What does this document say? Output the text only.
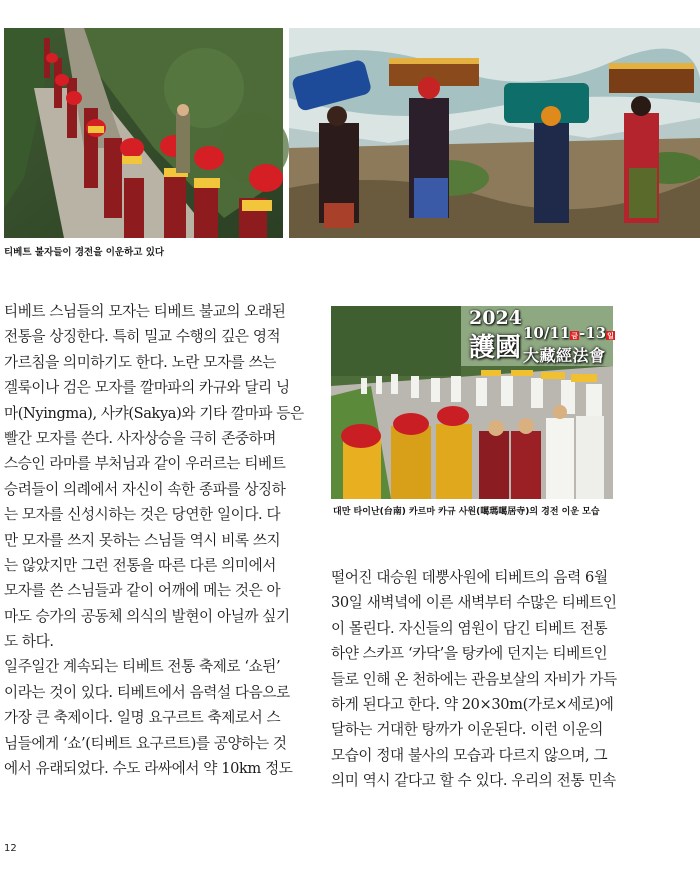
티베트 불자들이 경전을 이운하고 있다
2024
護國 10/11금-13일
大藏經法會
대만 타이난(台南) 카르마 카규 사원(噶瑪噶居寺)의 경전 이운 모습
티베트 스님들의 모자는 티베트 불교의 오래된
전통을 상징한다. 특히 밀교 수행의 깊은 영적
가르침을 의미하기도 한다. 노란 모자를 쓰는
겔룩이나 검은 모자를 깔마파의 카규와 달리 닝
마(Nyingma), 사캬(Sakya)와 기타 깔마파 등은
빨간 모자를 쓴다. 사자상승을 극히 존중하며
스승인 라마를 부처님과 같이 우러르는 티베트
승려들이 의례에서 자신이 속한 종파를 상징하
는 모자를 신성시하는 것은 당연한 일이다. 다
만 모자를 쓰지 못하는 스님들 역시 비록 쓰지
는 않았지만 그런 전통을 따른 다른 의미에서
모자를 쓴 스님들과 같이 어깨에 메는 것은 아
마도 승가의 공동체 의식의 발현이 아닐까 싶기
도 하다.
일주일간 계속되는 티베트 전통 축제로 ‘쇼뒨’
이라는 것이 있다. 티베트에서 음력설 다음으로
가장 큰 축제이다. 일명 요구르트 축제로서 스
님들에게 ‘쇼’(티베트 요구르트)를 공양하는 것
에서 유래되었다. 수도 라싸에서 약 10km 정도
떨어진 대승원 데뿡사원에 티베트의 음력 6월
30일 새벽녘에 이른 새벽부터 수많은 티베트인
이 몰린다. 자신들의 염원이 담긴 티베트 전통
하얀 스카프 ‘카닥’을 탕카에 던지는 티베트인
들로 인해 온 천하에는 관음보살의 자비가 가득
하게 된다고 한다. 약 20×30m(가로×세로)에
달하는 거대한 탕까가 이운된다. 이런 이운의
모습이 정대 불사의 모습과 다르지 않으며, 그
의미 역시 같다고 할 수 있다. 우리의 전통 민속
12
